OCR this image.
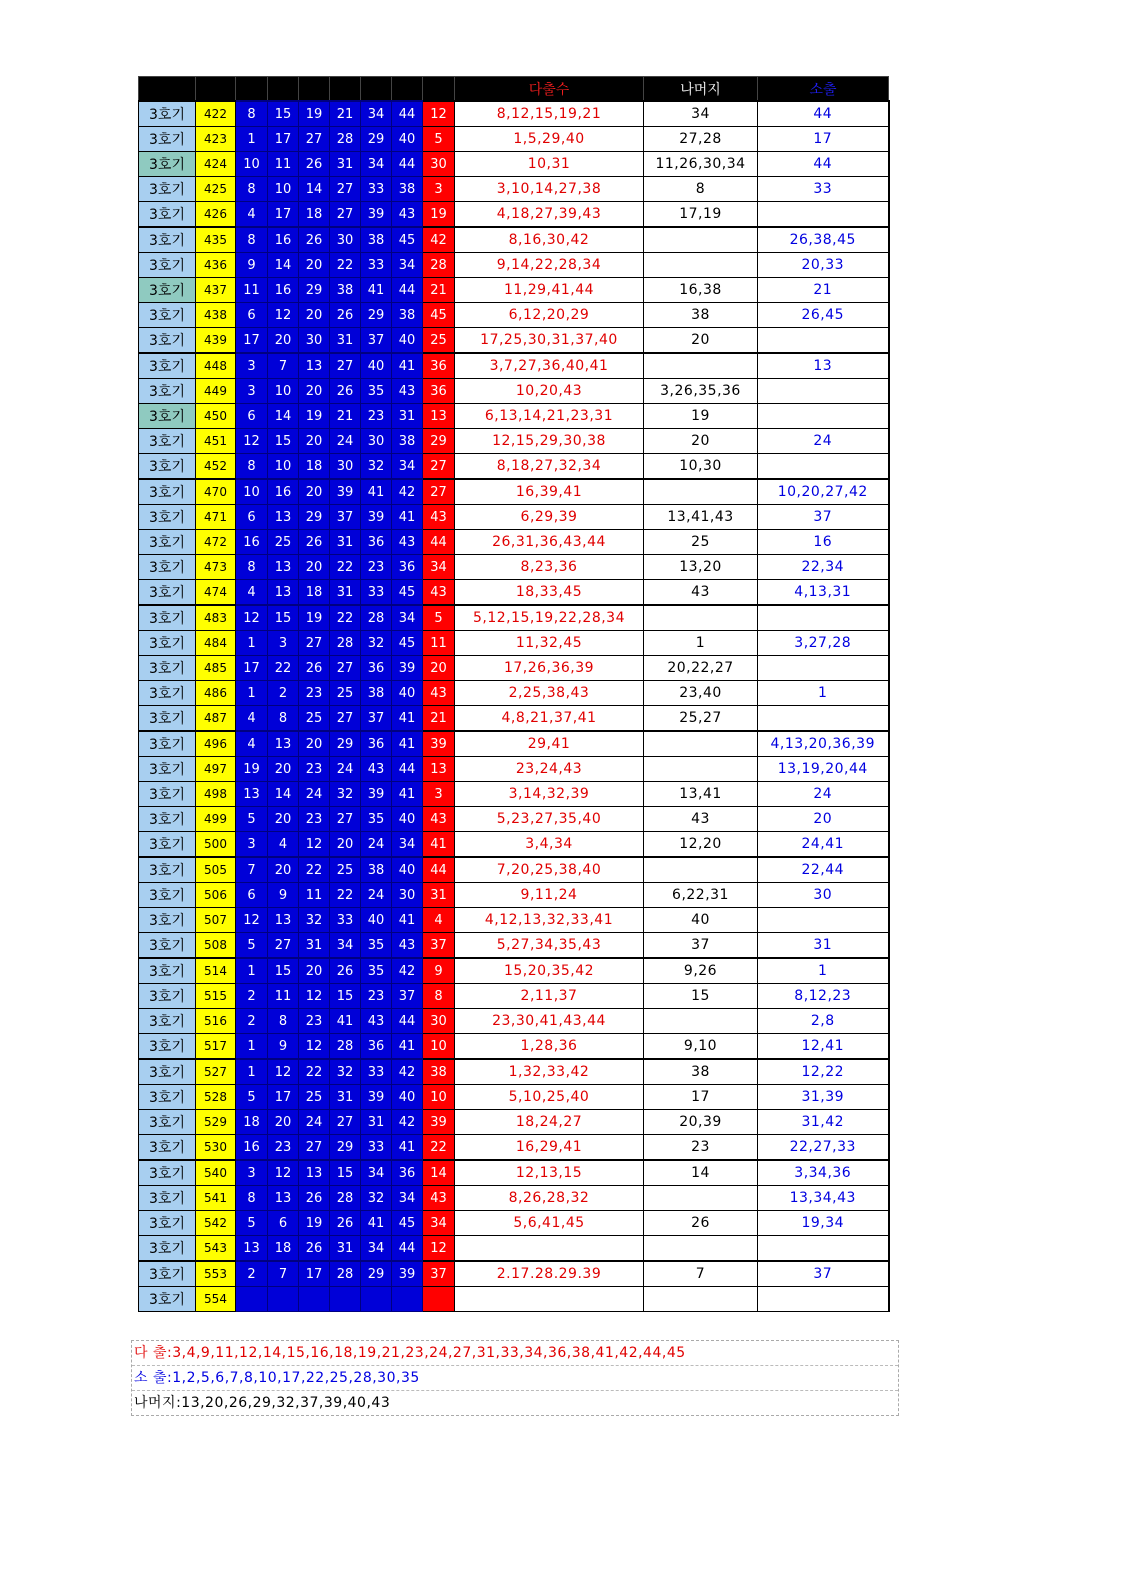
									다출수	나머지	소출
3호기	422	8	15	19	21	34	44	12	8,12,15,19,21	34	44
3호기	423	1	17	27	28	29	40	5	1,5,29,40	27,28	17
3호기	424	10	11	26	31	34	44	30	10,31	11,26,30,34	44
3호기	425	8	10	14	27	33	38	3	3,10,14,27,38	8	33
3호기	426	4	17	18	27	39	43	19	4,18,27,39,43	17,19	
3호기	435	8	16	26	30	38	45	42	8,16,30,42		26,38,45
3호기	436	9	14	20	22	33	34	28	9,14,22,28,34		20,33
3호기	437	11	16	29	38	41	44	21	11,29,41,44	16,38	21
3호기	438	6	12	20	26	29	38	45	6,12,20,29	38	26,45
3호기	439	17	20	30	31	37	40	25	17,25,30,31,37,40	20	
3호기	448	3	7	13	27	40	41	36	3,7,27,36,40,41		13
3호기	449	3	10	20	26	35	43	36	10,20,43	3,26,35,36	
3호기	450	6	14	19	21	23	31	13	6,13,14,21,23,31	19	
3호기	451	12	15	20	24	30	38	29	12,15,29,30,38	20	24
3호기	452	8	10	18	30	32	34	27	8,18,27,32,34	10,30	
3호기	470	10	16	20	39	41	42	27	16,39,41		10,20,27,42
3호기	471	6	13	29	37	39	41	43	6,29,39	13,41,43	37
3호기	472	16	25	26	31	36	43	44	26,31,36,43,44	25	16
3호기	473	8	13	20	22	23	36	34	8,23,36	13,20	22,34
3호기	474	4	13	18	31	33	45	43	18,33,45	43	4,13,31
3호기	483	12	15	19	22	28	34	5	5,12,15,19,22,28,34		
3호기	484	1	3	27	28	32	45	11	11,32,45	1	3,27,28
3호기	485	17	22	26	27	36	39	20	17,26,36,39	20,22,27	
3호기	486	1	2	23	25	38	40	43	2,25,38,43	23,40	1
3호기	487	4	8	25	27	37	41	21	4,8,21,37,41	25,27	
3호기	496	4	13	20	29	36	41	39	29,41		4,13,20,36,39
3호기	497	19	20	23	24	43	44	13	23,24,43		13,19,20,44
3호기	498	13	14	24	32	39	41	3	3,14,32,39	13,41	24
3호기	499	5	20	23	27	35	40	43	5,23,27,35,40	43	20
3호기	500	3	4	12	20	24	34	41	3,4,34	12,20	24,41
3호기	505	7	20	22	25	38	40	44	7,20,25,38,40		22,44
3호기	506	6	9	11	22	24	30	31	9,11,24	6,22,31	30
3호기	507	12	13	32	33	40	41	4	4,12,13,32,33,41	40	
3호기	508	5	27	31	34	35	43	37	5,27,34,35,43	37	31
3호기	514	1	15	20	26	35	42	9	15,20,35,42	9,26	1
3호기	515	2	11	12	15	23	37	8	2,11,37	15	8,12,23
3호기	516	2	8	23	41	43	44	30	23,30,41,43,44		2,8
3호기	517	1	9	12	28	36	41	10	1,28,36	9,10	12,41
3호기	527	1	12	22	32	33	42	38	1,32,33,42	38	12,22
3호기	528	5	17	25	31	39	40	10	5,10,25,40	17	31,39
3호기	529	18	20	24	27	31	42	39	18,24,27	20,39	31,42
3호기	530	16	23	27	29	33	41	22	16,29,41	23	22,27,33
3호기	540	3	12	13	15	34	36	14	12,13,15	14	3,34,36
3호기	541	8	13	26	28	32	34	43	8,26,28,32		13,34,43
3호기	542	5	6	19	26	41	45	34	5,6,41,45	26	19,34
3호기	543	13	18	26	31	34	44	12			
3호기	553	2	7	17	28	29	39	37	2.17.28.29.39	7	37
3호기	554										
다 출:3,4,9,11,12,14,15,16,18,19,21,23,24,27,31,33,34,36,38,41,42,44,45
소 출:1,2,5,6,7,8,10,17,22,25,28,30,35
나머지:13,20,26,29,32,37,39,40,43
